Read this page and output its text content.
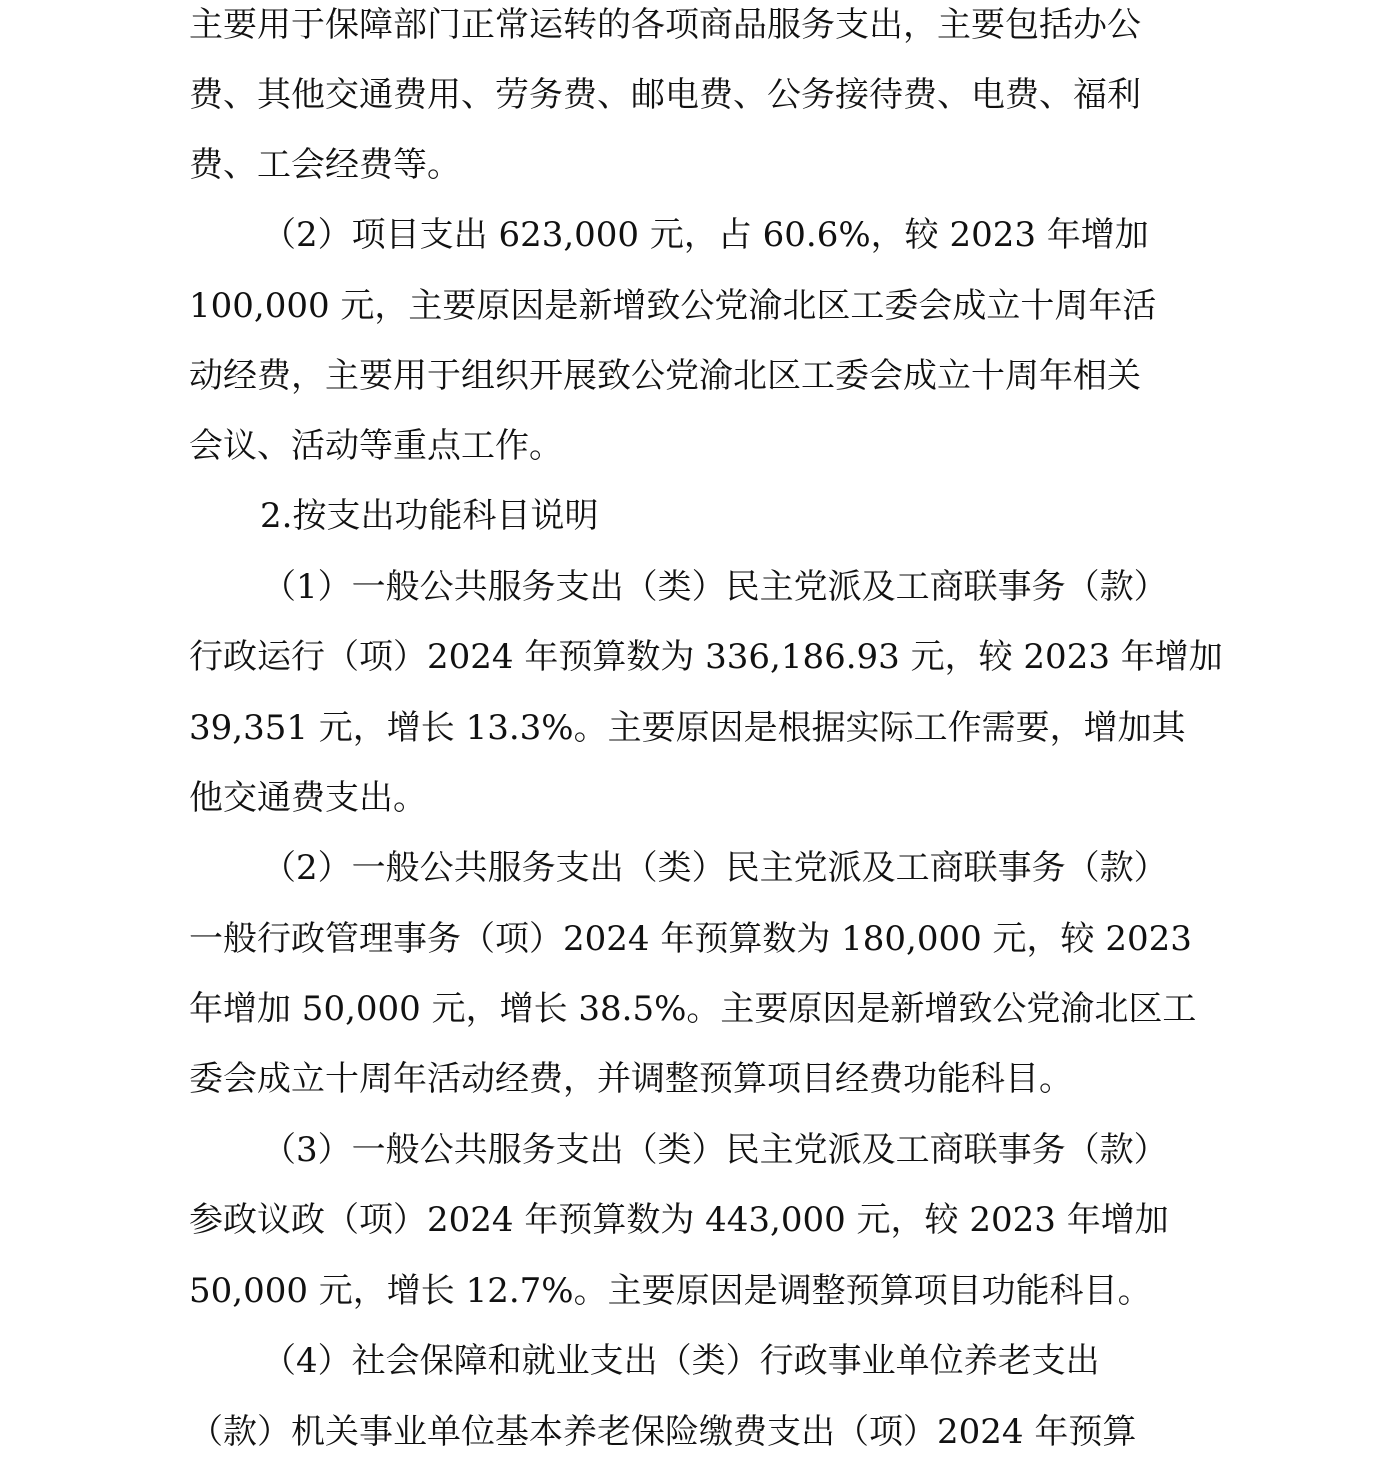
主要用于保障部门正常运转的各项商品服务支出，主要包括办公
费、其他交通费用、劳务费、邮电费、公务接待费、电费、福利
费、工会经费等。
（2）项目支出 623,000 元，占 60.6%，较 2023 年增加
100,000 元，主要原因是新增致公党渝北区工委会成立十周年活
动经费，主要用于组织开展致公党渝北区工委会成立十周年相关
会议、活动等重点工作。
2.按支出功能科目说明
（1）一般公共服务支出（类）民主党派及工商联事务（款）
行政运行（项）2024 年预算数为 336,186.93 元，较 2023 年增加
39,351 元，增长 13.3%。主要原因是根据实际工作需要，增加其
他交通费支出。
（2）一般公共服务支出（类）民主党派及工商联事务（款）
一般行政管理事务（项）2024 年预算数为 180,000 元，较 2023
年增加 50,000 元，增长 38.5%。主要原因是新增致公党渝北区工
委会成立十周年活动经费，并调整预算项目经费功能科目。
（3）一般公共服务支出（类）民主党派及工商联事务（款）
参政议政（项）2024 年预算数为 443,000 元，较 2023 年增加
50,000 元，增长 12.7%。主要原因是调整预算项目功能科目。
（4）社会保障和就业支出（类）行政事业单位养老支出
（款）机关事业单位基本养老保险缴费支出（项）2024 年预算
